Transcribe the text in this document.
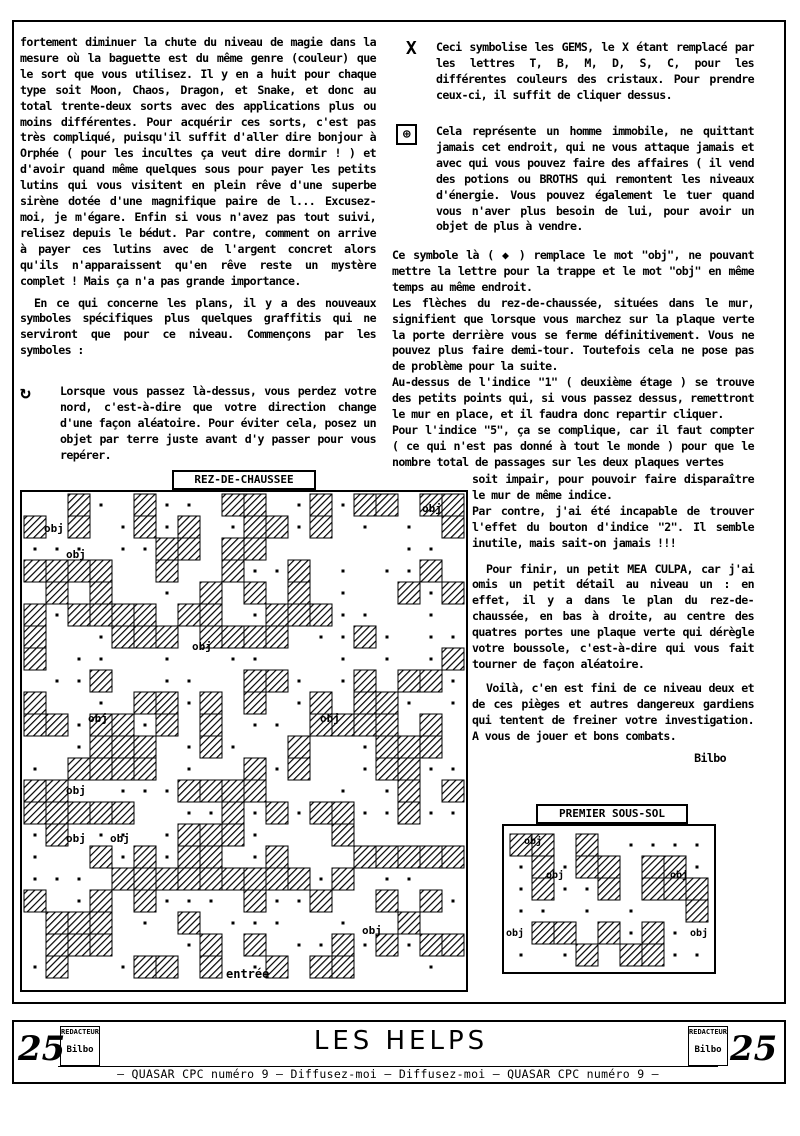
fortement diminuer la chute du niveau de magie dans la mesure où la baguette est du même genre (couleur) que le sort que vous utilisez. Il y en a huit pour chaque type soit Moon, Chaos, Dragon, et Snake, et donc au total trente-deux sorts avec des applications plus ou moins différentes. Pour acquérir ces sorts, c'est pas très compliqué, puisqu'il suffit d'aller dire bonjour à Orphée ( pour les incultes ça veut dire dormir ! ) et d'avoir quand même quelques sous pour payer les petits lutins qui vous visitent en plein rêve d'une superbe sirène dotée d'une magnifique paire de l... Excusez-moi, je m'égare. Enfin si vous n'avez pas tout suivi, relisez depuis le bédut. Par contre, comment on arrive à payer ces lutins avec de l'argent concret alors qu'ils n'apparaissent qu'en rêve reste un mystère complet ! Mais ça n'a pas grande importance.

En ce qui concerne les plans, il y a des nouveaux symboles spécifiques plus quelques graffitis qui ne serviront que pour ce niveau. Commençons par les symboles :

↻	Lorsque vous passez là-dessus, vous perdez votre nord, c'est-à-dire que votre direction change d'une façon aléatoire. Pour éviter cela, posez un objet par terre juste avant d'y passer pour vous repérer.
X	Ceci symbolise les GEMS, le X étant remplacé par les lettres T, B, M, D, S, C, pour les différentes couleurs des cristaux. Pour prendre ceux-ci, il suffit de cliquer dessus.
⊕	Cela représente un homme immobile, ne quittant jamais cet endroit, qui ne vous attaque jamais et avec qui vous pouvez faire des affaires ( il vend des potions ou BROTHS qui remontent les niveaux d'énergie. Vous pouvez également le tuer quand vous n'aver plus besoin de lui, pour avoir un objet de plus à vendre.

Ce symbole là ( ◆ ) remplace le mot "obj", ne pouvant mettre la lettre pour la trappe et le mot "obj" en même temps au même endroit.

Les flèches du rez-de-chaussée, situées dans le mur, signifient que lorsque vous marchez sur la plaque verte la porte derrière vous se ferme définitivement. Vous ne pouvez plus faire demi-tour. Toutefois cela ne pose pas de problème pour la suite.

Au-dessus de l'indice "1" ( deuxième étage ) se trouve des petits points qui, si vous passez dessus, remettront le mur en place, et il faudra donc repartir cliquer.

Pour l'indice "5", ça se complique, car il faut compter ( ce qui n'est pas donné à tout le monde ) pour que le nombre total de passages sur les deux plaques vertes

soit impair, pour pouvoir faire disparaître le mur de même indice.

Par contre, j'ai été incapable de trouver l'effet du bouton d'indice "2". Il semble inutile, mais sait-on jamais !!!

Pour finir, un petit MEA CULPA, car j'ai omis un petit détail au niveau un : en effet, il y a dans le plan du rez-de-chaussée, en bas à droite, au centre des quatres portes une plaque verte qui dérègle votre boussole, c'est-à-dire qui vous fait tourner de façon aléatoire.

Voilà, c'en est fini de ce niveau deux et de ces pièges et autres dangereux gardiens qui tentent de freiner votre investigation. A vous de jouer et bons combats.

Bilbo

REZ-DE-CHAUSSEE
obj
obj
obj
obj	obj
obj
obj
obj
obj
obj
entrée
PREMIER SOUS-SOL
obj
obj	obj
obj	obj
25
REDACTEUR
Bilbo	LES HELPS	REDACTEUR
Bilbo 25
— QUASAR CPC numéro 9 — Diffusez-moi — Diffusez-moi — QUASAR CPC numéro 9 —
